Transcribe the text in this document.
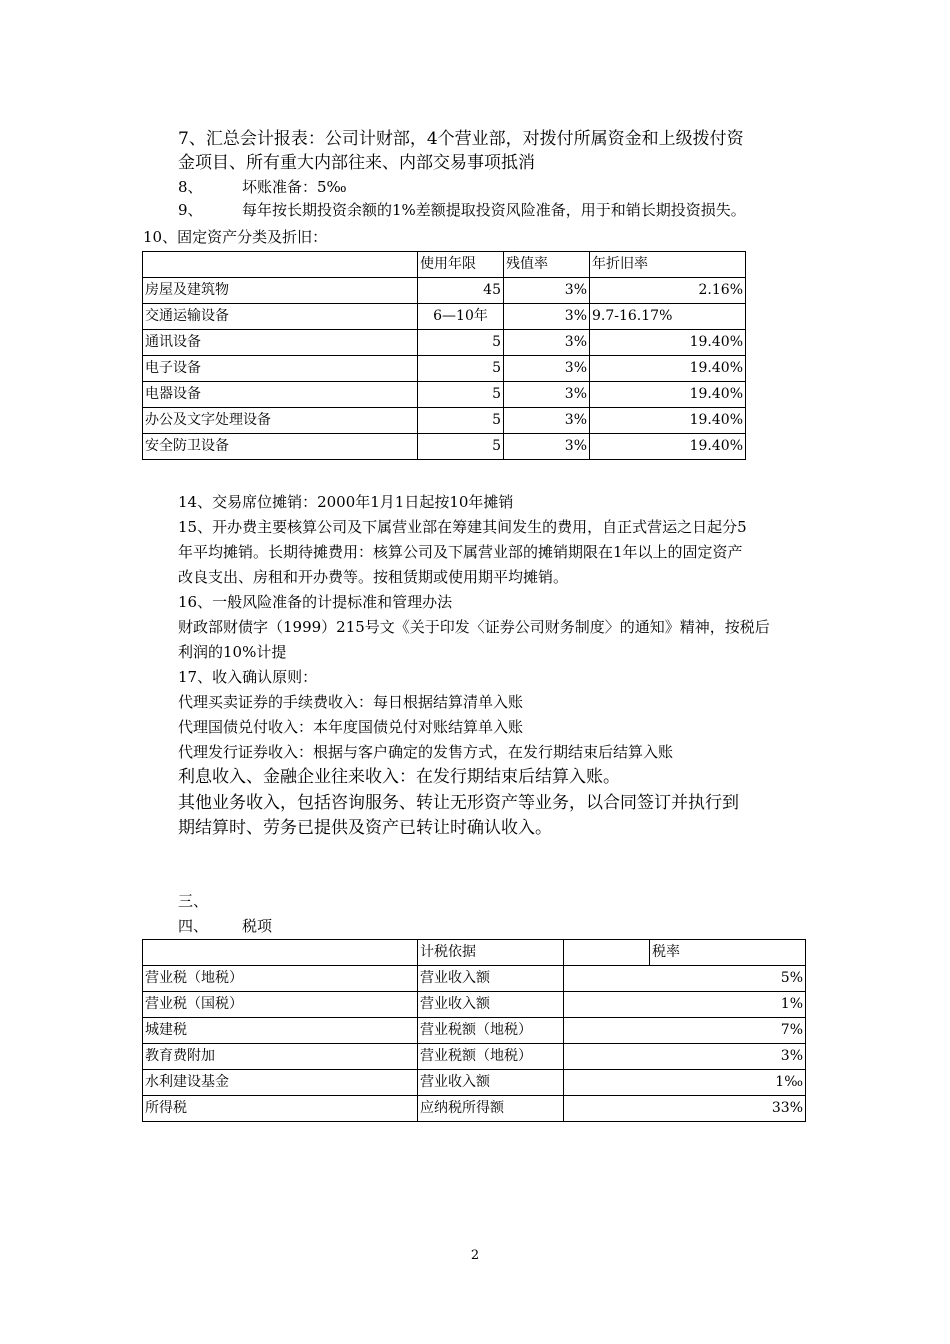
7、汇总会计报表：公司计财部，4个营业部，对拨付所属资金和上级拨付资
金项目、所有重大内部往来、内部交易事项抵消
8、	坏账准备：5‰
9、	每年按长期投资余额的1%差额提取投资风险准备，用于和销长期投资损失。
10、固定资产分类及折旧：
	使用年限	残值率	年折旧率
房屋及建筑物	45	3%	2.16%
交通运输设备	6—10年	3%	9.7-16.17%
通讯设备	5	3%	19.40%
电子设备	5	3%	19.40%
电器设备	5	3%	19.40%
办公及文字处理设备	5	3%	19.40%
安全防卫设备	5	3%	19.40%
14、交易席位摊销：2000年1月1日起按10年摊销
15、开办费主要核算公司及下属营业部在筹建其间发生的费用，自正式营运之日起分5
年平均摊销。长期待摊费用：核算公司及下属营业部的摊销期限在1年以上的固定资产
改良支出、房租和开办费等。按租赁期或使用期平均摊销。
16、一般风险准备的计提标准和管理办法
财政部财债字（1999）215号文《关于印发〈证券公司财务制度〉的通知》精神，按税后
利润的10%计提
17、收入确认原则：
代理买卖证券的手续费收入：每日根据结算清单入账
代理国债兑付收入：本年度国债兑付对账结算单入账
代理发行证券收入：根据与客户确定的发售方式，在发行期结束后结算入账
利息收入、金融企业往来收入：在发行期结束后结算入账。
其他业务收入，包括咨询服务、转让无形资产等业务，以合同签订并执行到
期结算时、劳务已提供及资产已转让时确认收入。
三、
四、 税项
	计税依据		税率
营业税（地税）	营业收入额	5%	
营业税（国税）	营业收入额	1%	
城建税	营业税额（地税）	7%	
教育费附加	营业税额（地税）	3%	
水利建设基金	营业收入额	1‰	
所得税	应纳税所得额	33%	
2
